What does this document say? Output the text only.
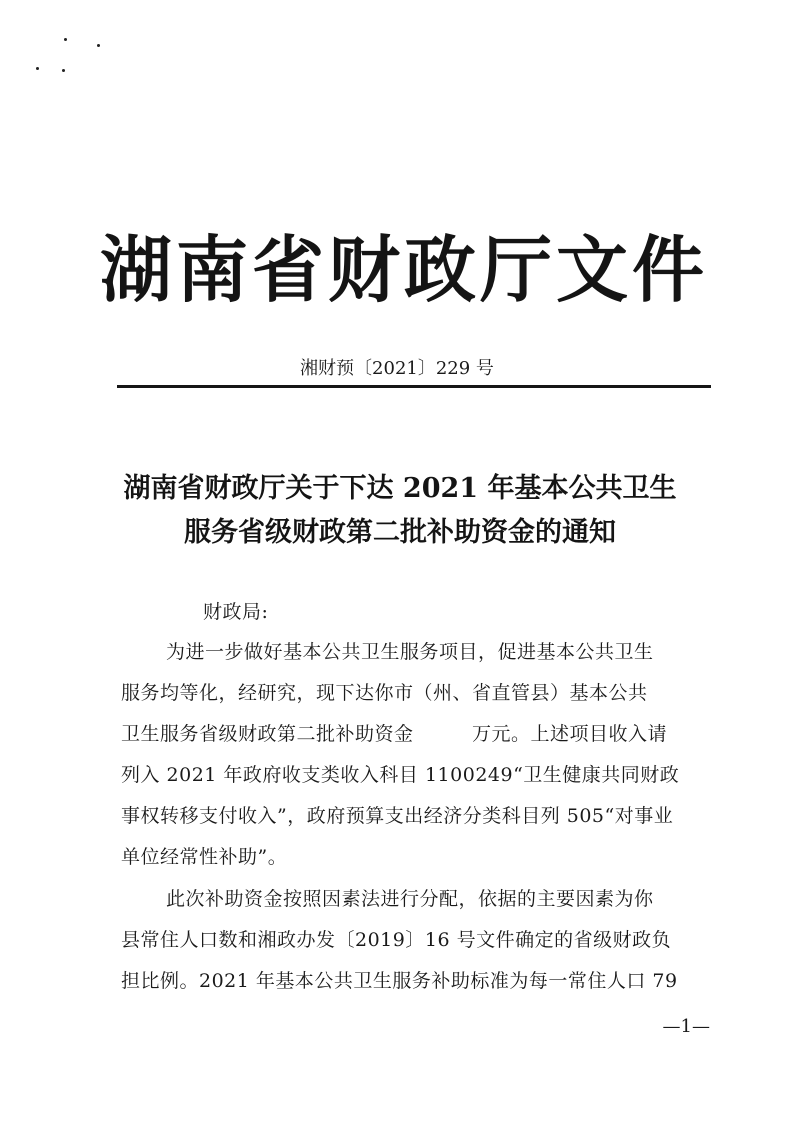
湖南省财政厅文件
湘财预〔2021〕229 号
湖南省财政厅关于下达 2021 年基本公共卫生
服务省级财政第二批补助资金的通知
财政局:
为进一步做好基本公共卫生服务项目，促进基本公共卫生
服务均等化，经研究，现下达你市（州、省直管县）基本公共
卫生服务省级财政第二批补助资金　　　万元。上述项目收入请
列入 2021 年政府收支类收入科目 1100249“卫生健康共同财政
事权转移支付收入”，政府预算支出经济分类科目列 505“对事业
单位经常性补助”。
此次补助资金按照因素法进行分配，依据的主要因素为你
县常住人口数和湘政办发〔2019〕16 号文件确定的省级财政负
担比例。2021 年基本公共卫生服务补助标准为每一常住人口 79
—1—
